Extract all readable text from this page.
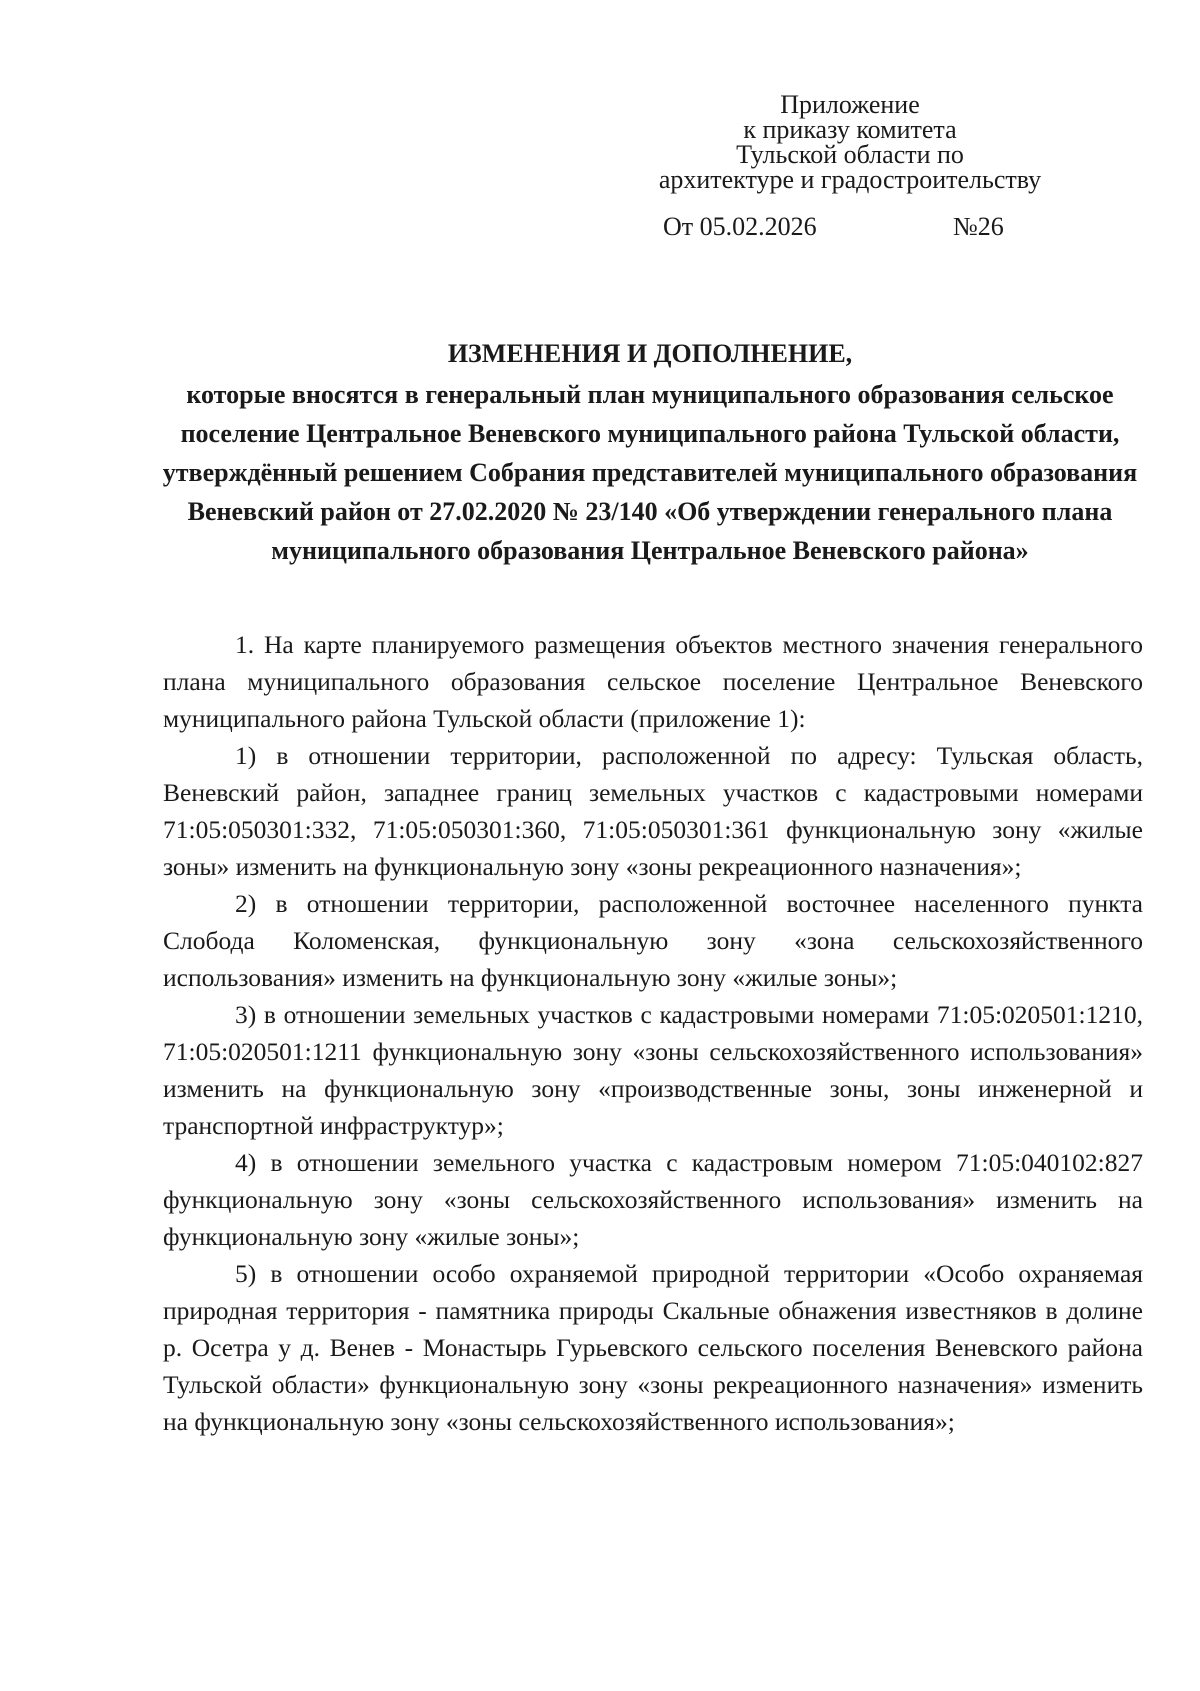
Приложение
к приказу комитета
Тульской области по
архитектуре и градостроительству
От 05.02.2026	№26
ИЗМЕНЕНИЯ И ДОПОЛНЕНИЕ,
которые вносятся в генеральный план муниципального образования сельское поселение Центральное Веневского муниципального района Тульской области, утверждённый решением Собрания представителей муниципального образования Веневский район от 27.02.2020 № 23/140 «Об утверждении генерального плана муниципального образования Центральное Веневского района»

1. На карте планируемого размещения объектов местного значения генерального плана муниципального образования сельское поселение Центральное Веневского муниципального района Тульской области (приложение 1):

1) в отношении территории, расположенной по адресу: Тульская область, Веневский район, западнее границ земельных участков с кадастровыми номерами 71:05:050301:332, 71:05:050301:360, 71:05:050301:361 функциональную зону «жилые зоны» изменить на функциональную зону «зоны рекреационного назначения»;

2) в отношении территории, расположенной восточнее населенного пункта Слобода Коломенская, функциональную зону «зона сельскохозяйственного использования» изменить на функциональную зону «жилые зоны»;

3) в отношении земельных участков с кадастровыми номерами 71:05:020501:1210, 71:05:020501:1211 функциональную зону «зоны сельскохозяйственного использования» изменить на функциональную зону «производственные зоны, зоны инженерной и транспортной инфраструктур»;

4) в отношении земельного участка с кадастровым номером 71:05:040102:827 функциональную зону «зоны сельскохозяйственного использования» изменить на функциональную зону «жилые зоны»;

5) в отношении особо охраняемой природной территории «Особо охраняемая природная территория - памятника природы Скальные обнажения известняков в долине р. Осетра у д. Венев - Монастырь Гурьевского сельского поселения Веневского района Тульской области» функциональную зону «зоны рекреационного назначения» изменить на функциональную зону «зоны сельскохозяйственного использования»;
